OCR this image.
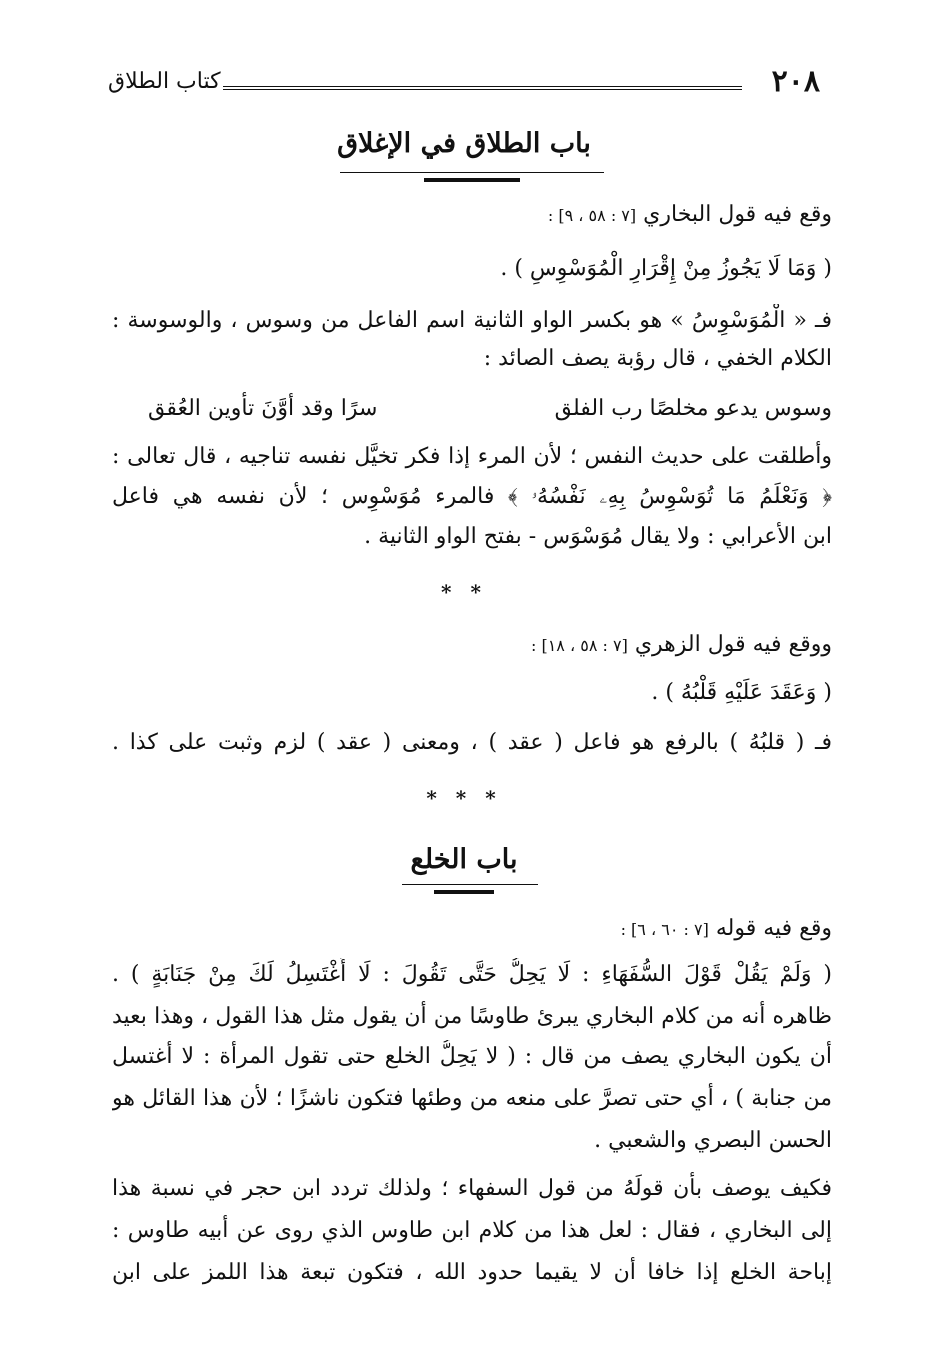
٢٠٨
كتاب الطلاق
باب الطلاق في الإغلاق
وقع فيه قول البخاري [٧ : ٥٨ ، ٩] :
( وَمَا لَا يَجُوزُ مِنْ إِقْرَارِ الْمُوَسْوِسِ ) .
فـ « الْمُوَسْوِسُ » هو بكسر الواو الثانية اسم الفاعل من وسوس ، والوسوسة :
الكلام الخفي ، قال رؤبة يصف الصائد :
وسوس يدعو مخلصًا رب الفلق
سرًا وقد أوَّنَ تأوين العُقق
وأطلقت على حديث النفس ؛ لأن المرء إذا فكر تخيَّل نفسه تناجيه ، قال تعالى :
﴿ وَنَعْلَمُ مَا تُوَسْوِسُ بِهِۦ نَفْسُهُۥ ﴾ فالمرء مُوَسْوِس ؛ لأن نفسه هي فاعل
ابن الأعرابي : ولا يقال مُوَسْوَس - بفتح الواو الثانية .
* *
ووقع فيه قول الزهري [٧ : ٥٨ ، ١٨] :
( وَعَقَدَ عَلَيْهِ قَلْبُهُ ) .
فـ ( قلبُهُ ) بالرفع هو فاعل ( عقد ) ، ومعنى ( عقد ) لزم وثبت على كذا .
* * *
باب الخلع
وقع فيه قوله [٧ : ٦٠ ، ٦] :
( وَلَمْ يَقُلْ قَوْلَ السُّفَهَاءِ : لَا يَحِلُّ حَتَّى تَقُولَ : لَا أَغْتَسِلُ لَكَ مِنْ جَنَابَةٍ ) .
ظاهره أنه من كلام البخاري يبرئ طاوسًا من أن يقول مثل هذا القول ، وهذا بعيد
أن يكون البخاري يصف من قال : ( لا يَحِلُّ الخلع حتى تقول المرأة : لا أغتسل
من جنابة ) ، أي حتى تصرَّ على منعه من وطئها فتكون ناشزًا ؛ لأن هذا القائل هو
الحسن البصري والشعبي .
فكيف يوصف بأن قولَهُ من قول السفهاء ؛ ولذلك تردد ابن حجر في نسبة هذا
إلى البخاري ، فقال : لعل هذا من كلام ابن طاوس الذي روى عن أبيه طاوس :
إباحة الخلع إذا خافا أن لا يقيما حدود الله ، فتكون تبعة هذا اللمز على ابن
